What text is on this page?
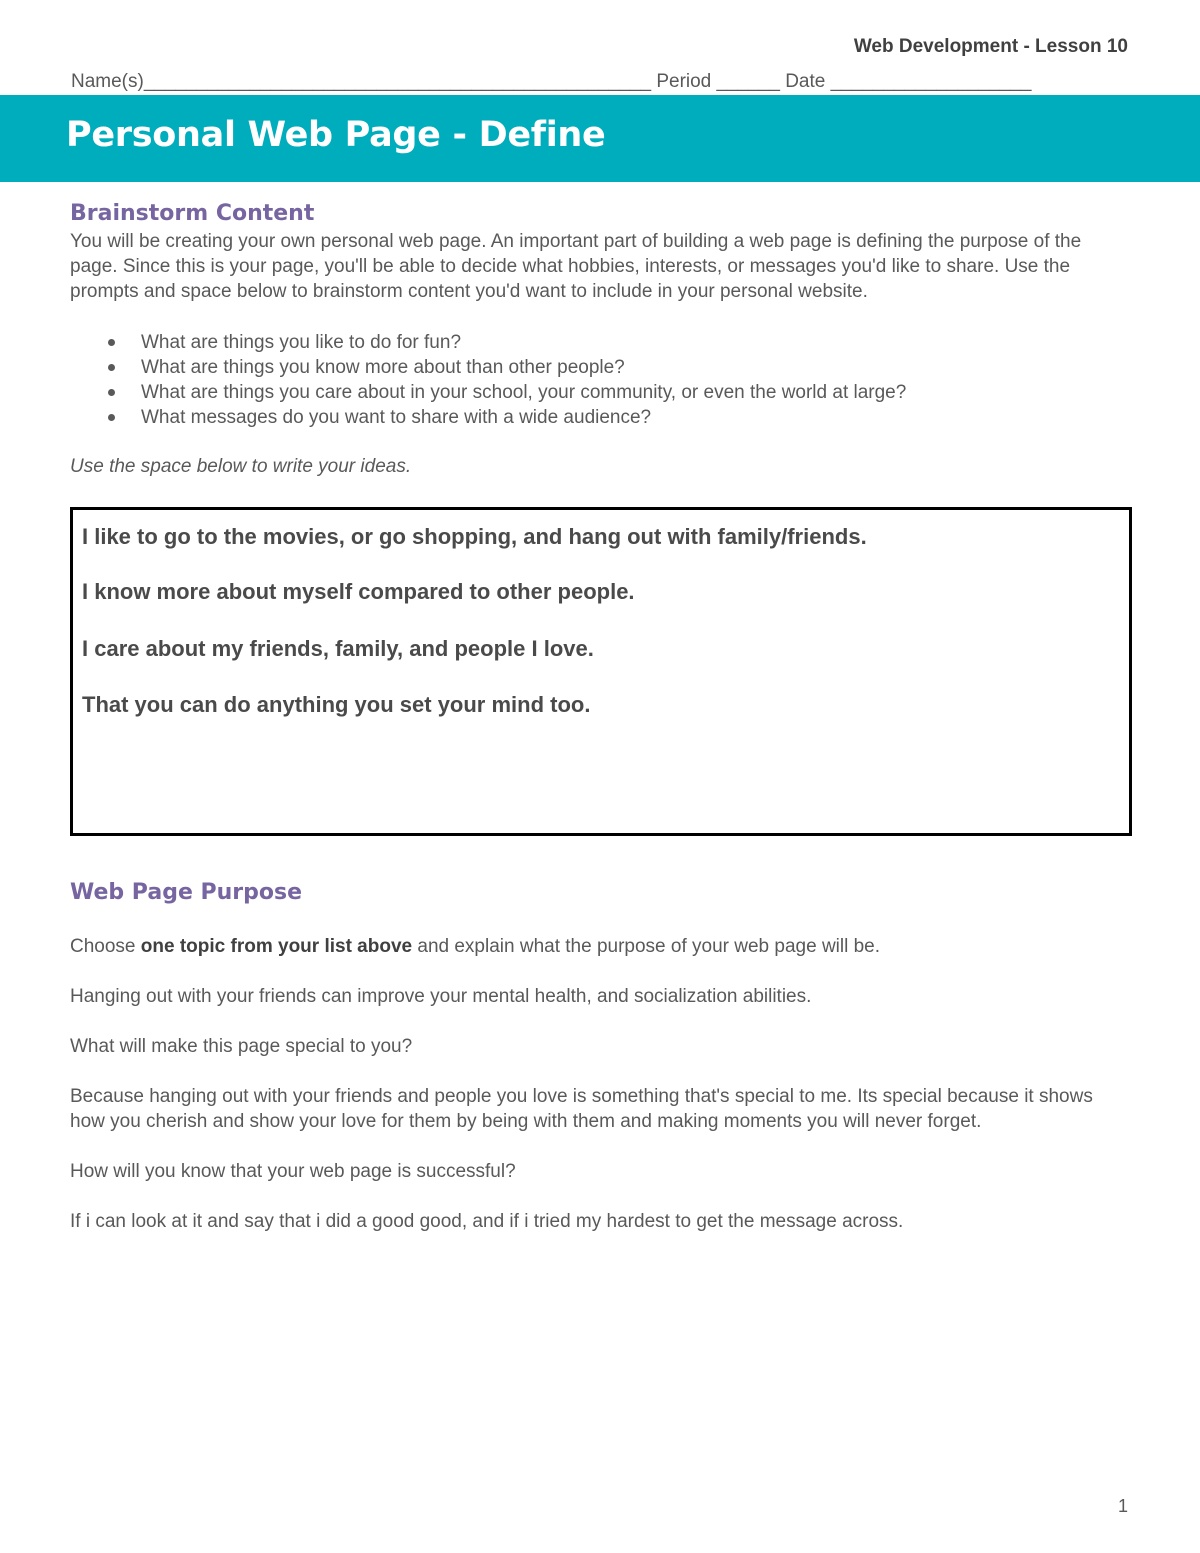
Web Development - Lesson 10
Name(s)________________________________________________ Period ______ Date ___________________
Personal Web Page - Define
Brainstorm Content

You will be creating your own personal web page. An important part of building a web page is defining the purpose of the

page. Since this is your page, you'll be able to decide what hobbies, interests, or messages you'd like to share. Use the

prompts and space below to brainstorm content you'd want to include in your personal website.

What are things you like to do for fun?
What are things you know more about than other people?
What are things you care about in your school, your community, or even the world at large?
What messages do you want to share with a wide audience?

Use the space below to write your ideas.

I like to go to the movies, or go shopping, and hang out with family/friends.

I know more about myself compared to other people.

I care about my friends, family, and people I love.

That you can do anything you set your mind too.

Web Page Purpose

Choose one topic from your list above and explain what the purpose of your web page will be.

Hanging out with your friends can improve your mental health, and socialization abilities.

What will make this page special to you?

Because hanging out with your friends and people you love is something that's special to me. Its special because it shows

how you cherish and show your love for them by being with them and making moments you will never forget.

How will you know that your web page is successful?

If i can look at it and say that i did a good good, and if i tried my hardest to get the message across.

1
